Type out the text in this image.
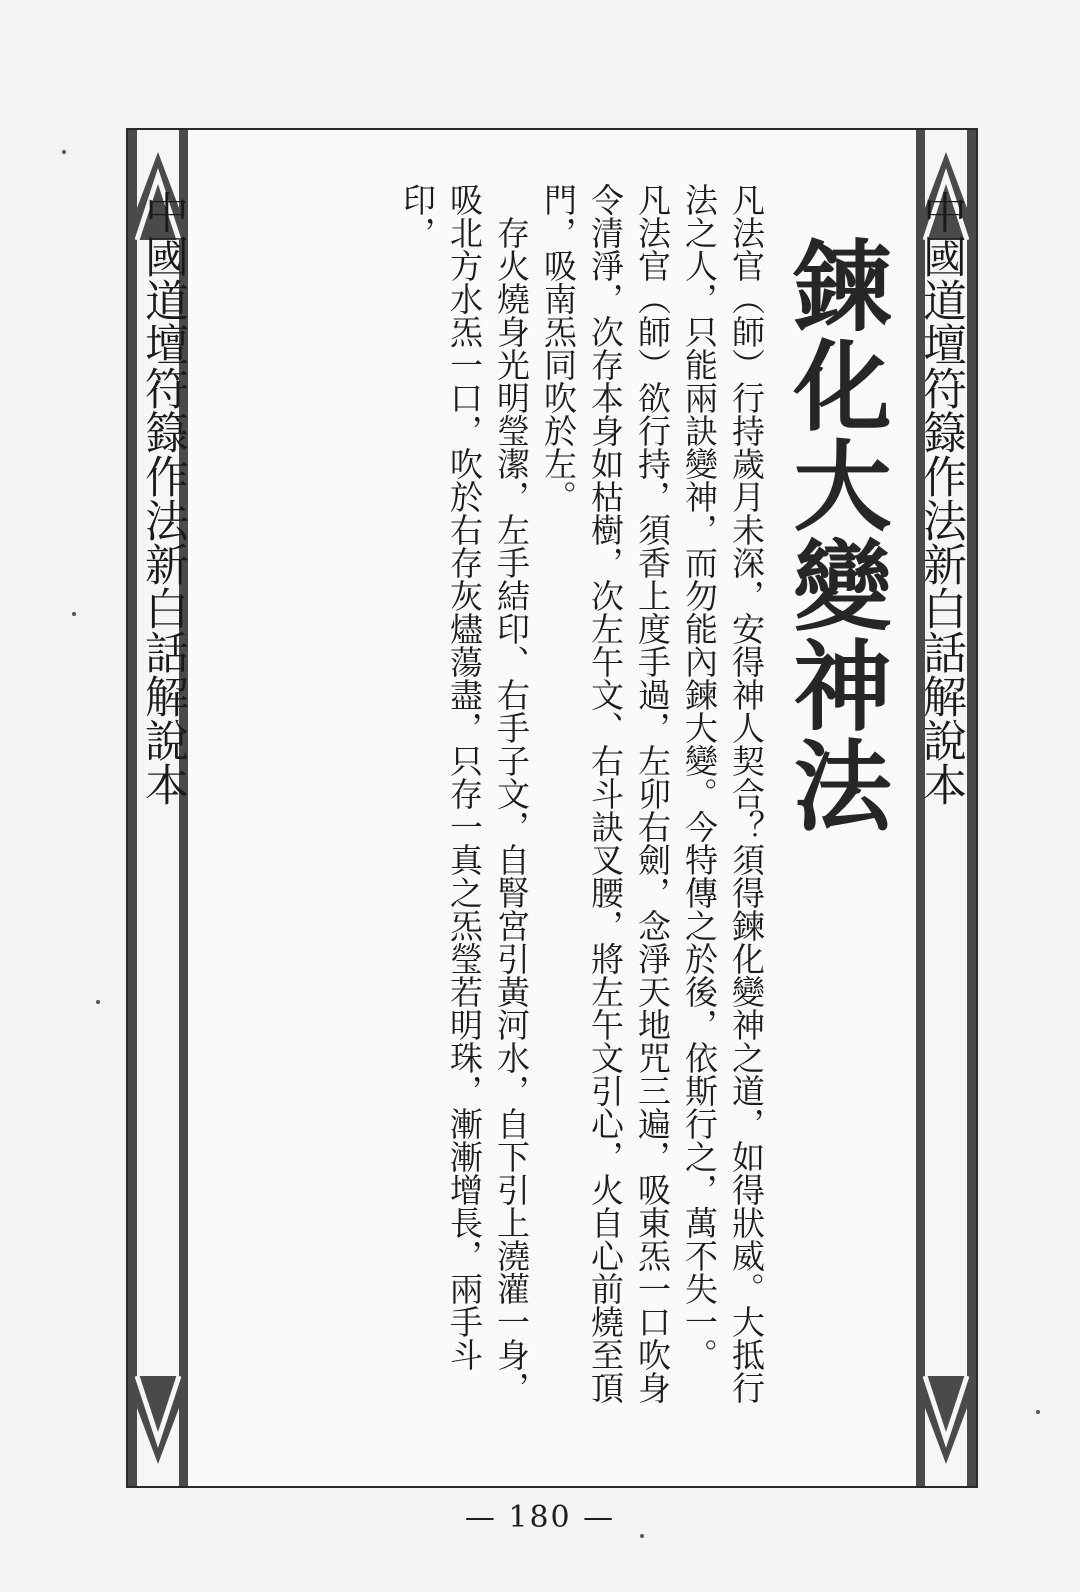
中國道壇符籙作法新白話解說本	中國道壇符籙作法新白話解說本
鍊化大變神法

凡法官（師）行持歲月未深，安得神人契合？須得鍊化變神之道，如得狀威。大抵行法之人，只能兩訣變神，而勿能內鍊大變。今特傳之於後，依斯行之，萬不失一。

凡法官（師）欲行持，須香上度手過，左卯右劍，念淨天地咒三遍，吸東炁一口吹身令清淨，次存本身如枯樹，次左午文、右斗訣叉腰，將左午文引心，火自心前燒至頂門，吸南炁同吹於左。

存火燒身光明瑩潔，左手結印、右手子文，自腎宮引黃河水，自下引上澆灌一身，吸北方水炁一口，吹於右存灰燼蕩盡，只存一真之炁瑩若明珠，漸漸增長，兩手斗印，

— 180 —
